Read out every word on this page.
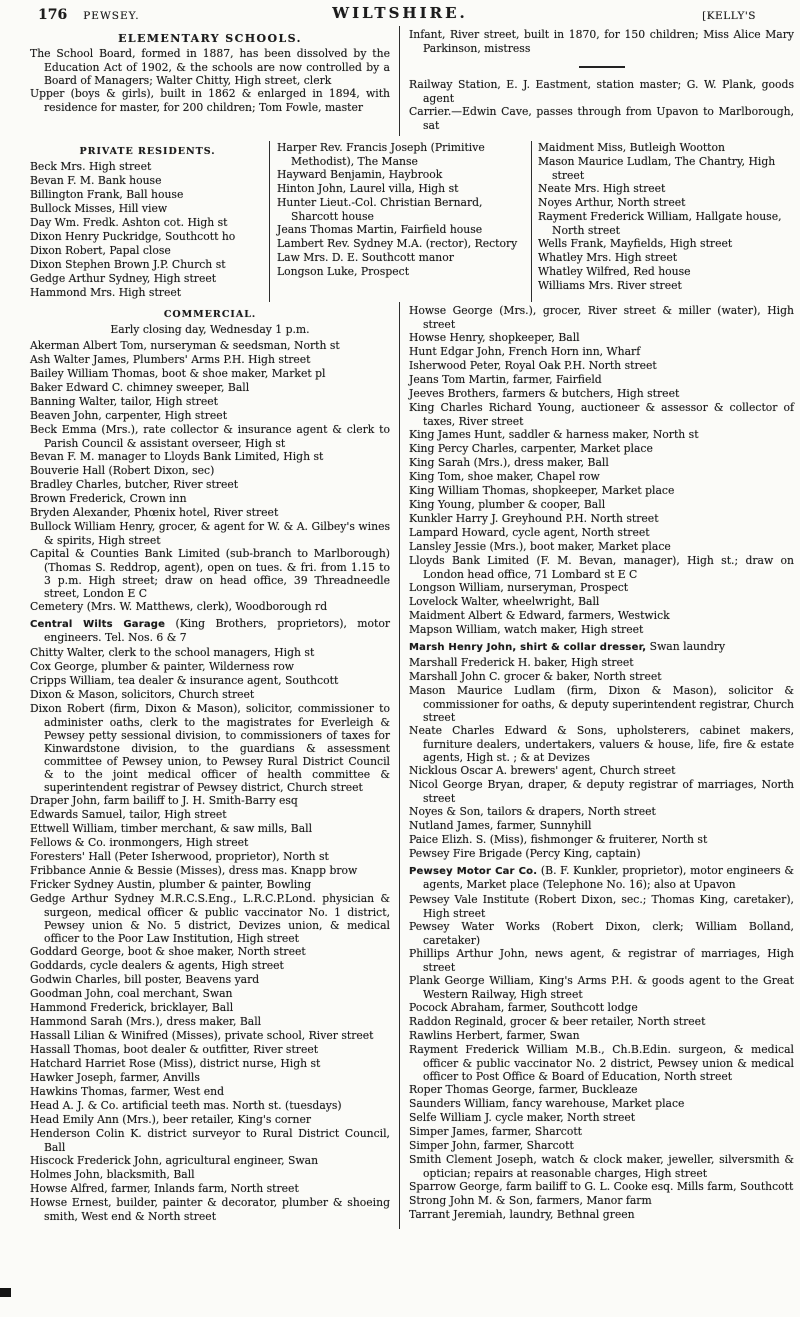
176 PEWSEY.	WILTSHIRE.	[KELLY'S
ELEMENTARY SCHOOLS.

The School Board, formed in 1887, has been dissolved by the Education Act of 1902, & the schools are now controlled by a Board of Managers; Walter Chitty, High street, clerk

Upper (boys & girls), built in 1862 & enlarged in 1894, with residence for master, for 200 children; Tom Fowle, master

Infant, River street, built in 1870, for 150 children; Miss Alice Mary Parkinson, mistress

Railway Station, E. J. Eastment, station master; G. W. Plank, goods agent

Carrier.—Edwin Cave, passes through from Upavon to Marlborough, sat

PRIVATE RESIDENTS.

Beck Mrs. High street

Bevan F. M. Bank house

Billington Frank, Ball house

Bullock Misses, Hill view

Day Wm. Fredk. Ashton cot. High st

Dixon Henry Puckridge, Southcott ho

Dixon Robert, Papal close

Dixon Stephen Brown J.P. Church st

Gedge Arthur Sydney, High street

Hammond Mrs. High street

Harper Rev. Francis Joseph (Primitive Methodist), The Manse

Hayward Benjamin, Haybrook

Hinton John, Laurel villa, High st

Hunter Lieut.-Col. Christian Bernard, Sharcott house

Jeans Thomas Martin, Fairfield house

Lambert Rev. Sydney M.A. (rector), Rectory

Law Mrs. D. E. Southcott manor

Longson Luke, Prospect

Maidment Miss, Butleigh Wootton

Mason Maurice Ludlam, The Chantry, High street

Neate Mrs. High street

Noyes Arthur, North street

Rayment Frederick William, Hallgate house, North street

Wells Frank, Mayfields, High street

Whatley Mrs. High street

Whatley Wilfred, Red house

Williams Mrs. River street

COMMERCIAL.

Early closing day, Wednesday 1 p.m.

Akerman Albert Tom, nurseryman & seedsman, North st

Ash Walter James, Plumbers' Arms P.H. High street

Bailey William Thomas, boot & shoe maker, Market pl

Baker Edward C. chimney sweeper, Ball

Banning Walter, tailor, High street

Beaven John, carpenter, High street

Beck Emma (Mrs.), rate collector & insurance agent & clerk to Parish Council & assistant overseer, High st

Bevan F. M. manager to Lloyds Bank Limited, High st

Bouverie Hall (Robert Dixon, sec)

Bradley Charles, butcher, River street

Brown Frederick, Crown inn

Bryden Alexander, Phœnix hotel, River street

Bullock William Henry, grocer, & agent for W. & A. Gilbey's wines & spirits, High street

Capital & Counties Bank Limited (sub-branch to Marlborough) (Thomas S. Reddrop, agent), open on tues. & fri. from 1.15 to 3 p.m. High street; draw on head office, 39 Threadneedle street, London E C

Cemetery (Mrs. W. Matthews, clerk), Woodborough rd

Central Wilts Garage (King Brothers, proprietors), motor engineers. Tel. Nos. 6 & 7

Chitty Walter, clerk to the school managers, High st

Cox George, plumber & painter, Wilderness row

Cripps William, tea dealer & insurance agent, Southcott

Dixon & Mason, solicitors, Church street

Dixon Robert (firm, Dixon & Mason), solicitor, commissioner to administer oaths, clerk to the magistrates for Everleigh & Pewsey petty sessional division, to commissioners of taxes for Kinwardstone division, to the guardians & assessment committee of Pewsey union, to Pewsey Rural District Council & to the joint medical officer of health committee & superintendent registrar of Pewsey district, Church street

Draper John, farm bailiff to J. H. Smith-Barry esq

Edwards Samuel, tailor, High street

Ettwell William, timber merchant, & saw mills, Ball

Fellows & Co. ironmongers, High street

Foresters' Hall (Peter Isherwood, proprietor), North st

Fribbance Annie & Bessie (Misses), dress mas. Knapp brow

Fricker Sydney Austin, plumber & painter, Bowling

Gedge Arthur Sydney M.R.C.S.Eng., L.R.C.P.Lond. physician & surgeon, medical officer & public vaccinator No. 1 district, Pewsey union & No. 5 district, Devizes union, & medical officer to the Poor Law Institution, High street

Goddard George, boot & shoe maker, North street

Goddards, cycle dealers & agents, High street

Godwin Charles, bill poster, Beavens yard

Goodman John, coal merchant, Swan

Hammond Frederick, bricklayer, Ball

Hammond Sarah (Mrs.), dress maker, Ball

Hassall Lilian & Winifred (Misses), private school, River street

Hassall Thomas, boot dealer & outfitter, River street

Hatchard Harriet Rose (Miss), district nurse, High st

Hawker Joseph, farmer, Anvills

Hawkins Thomas, farmer, West end

Head A. J. & Co. artificial teeth mas. North st. (tuesdays)

Head Emily Ann (Mrs.), beer retailer, King's corner

Henderson Colin K. district surveyor to Rural District Council, Ball

Hiscock Frederick John, agricultural engineer, Swan

Holmes John, blacksmith, Ball

Howse Alfred, farmer, Inlands farm, North street

Howse Ernest, builder, painter & decorator, plumber & shoeing smith, West end & North street

Howse George (Mrs.), grocer, River street & miller (water), High street

Howse Henry, shopkeeper, Ball

Hunt Edgar John, French Horn inn, Wharf

Isherwood Peter, Royal Oak P.H. North street

Jeans Tom Martin, farmer, Fairfield

Jeeves Brothers, farmers & butchers, High street

King Charles Richard Young, auctioneer & assessor & collector of taxes, River street

King James Hunt, saddler & harness maker, North st

King Percy Charles, carpenter, Market place

King Sarah (Mrs.), dress maker, Ball

King Tom, shoe maker, Chapel row

King William Thomas, shopkeeper, Market place

King Young, plumber & cooper, Ball

Kunkler Harry J. Greyhound P.H. North street

Lampard Howard, cycle agent, North street

Lansley Jessie (Mrs.), boot maker, Market place

Lloyds Bank Limited (F. M. Bevan, manager), High st.; draw on London head office, 71 Lombard st E C

Longson William, nurseryman, Prospect

Lovelock Walter, wheelwright, Ball

Maidment Albert & Edward, farmers, Westwick

Mapson William, watch maker, High street

Marsh Henry John, shirt & collar dresser, Swan laundry

Marshall Frederick H. baker, High street

Marshall John C. grocer & baker, North street

Mason Maurice Ludlam (firm, Dixon & Mason), solicitor & commissioner for oaths, & deputy superintendent registrar, Church street

Neate Charles Edward & Sons, upholsterers, cabinet makers, furniture dealers, undertakers, valuers & house, life, fire & estate agents, High st. ; & at Devizes

Nicklous Oscar A. brewers' agent, Church street

Nicol George Bryan, draper, & deputy registrar of marriages, North street

Noyes & Son, tailors & drapers, North street

Nutland James, farmer, Sunnyhill

Paice Elizh. S. (Miss), fishmonger & fruiterer, North st

Pewsey Fire Brigade (Percy King, captain)

Pewsey Motor Car Co. (B. F. Kunkler, proprietor), motor engineers & agents, Market place (Telephone No. 16); also at Upavon

Pewsey Vale Institute (Robert Dixon, sec.; Thomas King, caretaker), High street

Pewsey Water Works (Robert Dixon, clerk; William Bolland, caretaker)

Phillips Arthur John, news agent, & registrar of marriages, High street

Plank George William, King's Arms P.H. & goods agent to the Great Western Railway, High street

Pocock Abraham, farmer, Southcott lodge

Raddon Reginald, grocer & beer retailer, North street

Rawlins Herbert, farmer, Swan

Rayment Frederick William M.B., Ch.B.Edin. surgeon, & medical officer & public vaccinator No. 2 district, Pewsey union & medical officer to Post Office & Board of Education, North street

Roper Thomas George, farmer, Buckleaze

Saunders William, fancy warehouse, Market place

Selfe William J. cycle maker, North street

Simper James, farmer, Sharcott

Simper John, farmer, Sharcott

Smith Clement Joseph, watch & clock maker, jeweller, silversmith & optician; repairs at reasonable charges, High street

Sparrow George, farm bailiff to G. L. Cooke esq. Mills farm, Southcott

Strong John M. & Son, farmers, Manor farm

Tarrant Jeremiah, laundry, Bethnal green
